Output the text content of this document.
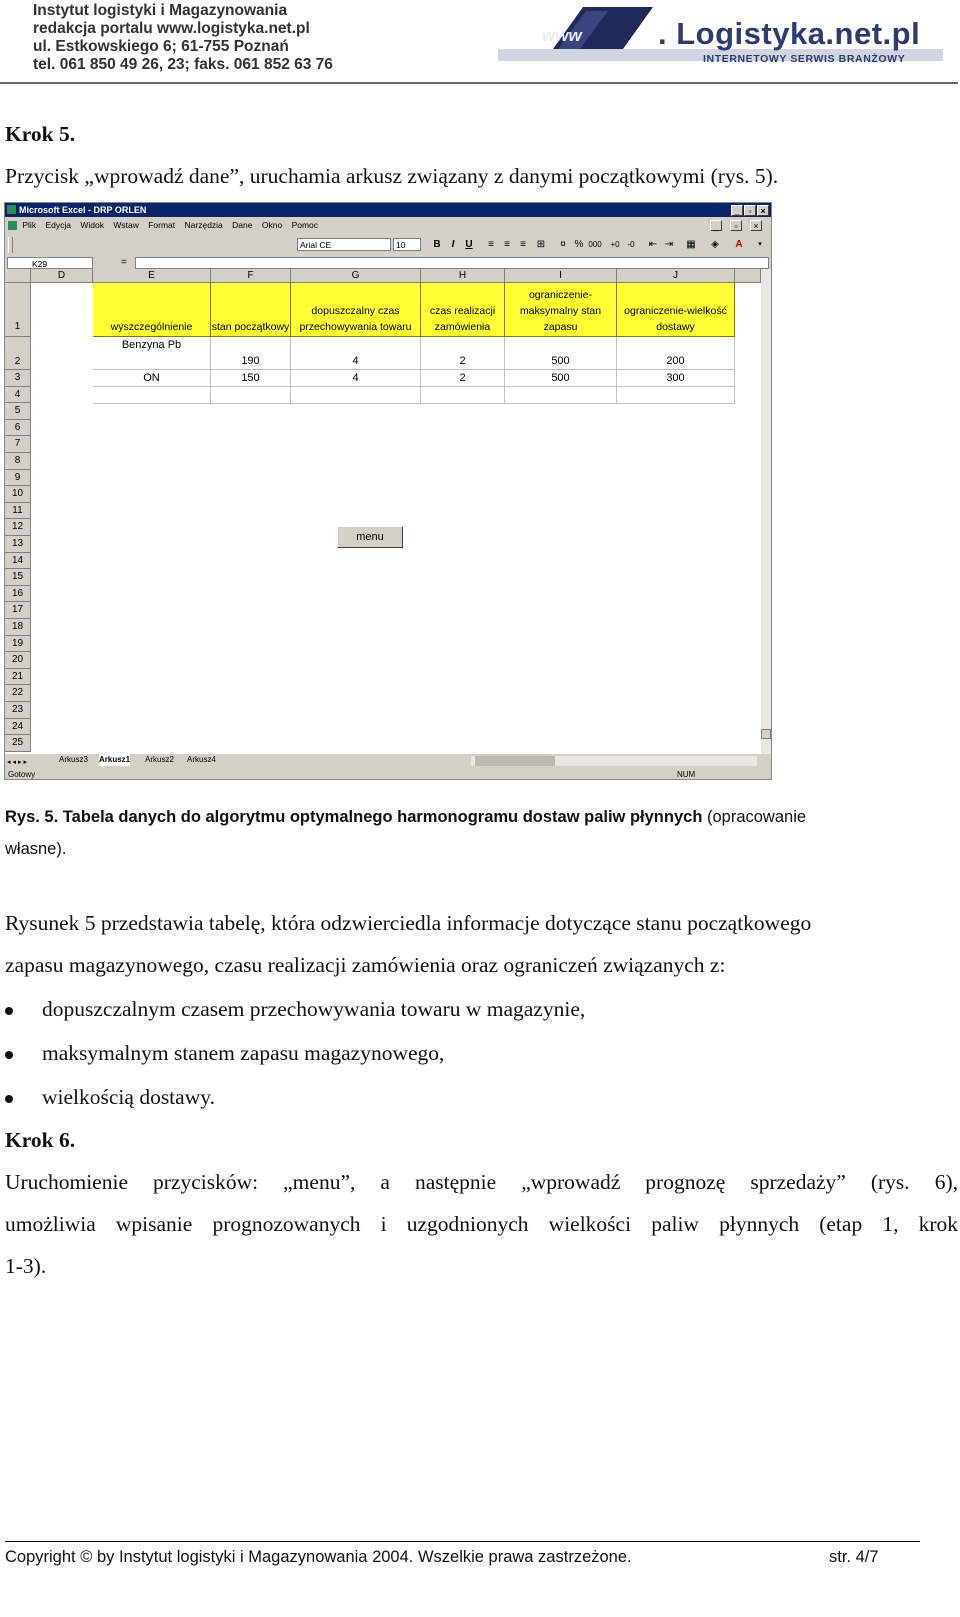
Instytut logistyki i Magazynowania
redakcja portalu www.logistyka.net.pl
ul. Estkowskiego 6; 61-755 Poznań
tel. 061 850 49 26, 23; faks. 061 852 63 76
www . Logistyka.net.pl
INTERNETOWY SERWIS BRANŻOWY
Krok 5.
Przycisk „wprowadź dane”, uruchamia arkusz związany z danymi początkowymi (rys. 5).
Microsoft Excel - DRP ORLEN	_ ▫ ×
Plik Edycja Widok Wstaw Format Narzędzia Dane Okno Pomoc	_ ▫ ×
Arial CE	10	B	I	U	≡	≡	≡	⊞	¤ % 000	+0 -0	⇤ ⇥ ▦	◈	A	▾
K29	=
D	E	F	G	H	I	J
1
2
3
4
5
6
7
8
9
10
11
12
13
14
15
16
17
18
19
20
21
22
23
24
25
wyszczególnienie	stan początkowy
dopuszczalny czas przechowywania towaru
czas realizacji zamówienia
ograniczenie-maksymalny stan zapasu
ograniczenie-wielkość dostawy
Benzyna Pb
190	4	2	500	200
ON	150	4	2	500	300
menu
◂◂▸▸	Arkusz3 Arkusz1 Arkusz2 Arkusz4
Gotowy	NUM
Rys. 5. Tabela danych do algorytmu optymalnego harmonogramu dostaw paliw płynnych (opracowanie
własne).
Rysunek 5 przedstawia tabelę, która odzwierciedla informacje dotyczące stanu początkowego
zapasu magazynowego, czasu realizacji zamówienia oraz ograniczeń związanych z:
dopuszczalnym czasem przechowywania towaru w magazynie,
maksymalnym stanem zapasu magazynowego,
wielkością dostawy.
Krok 6.
Uruchomienie przycisków: „menu”, a następnie „wprowadź prognozę sprzedaży” (rys. 6),
umożliwia wpisanie prognozowanych i uzgodnionych wielkości paliw płynnych (etap 1, krok
1-3).
Copyright © by Instytut logistyki i Magazynowania 2004. Wszelkie prawa zastrzeżone.	str. 4/7
